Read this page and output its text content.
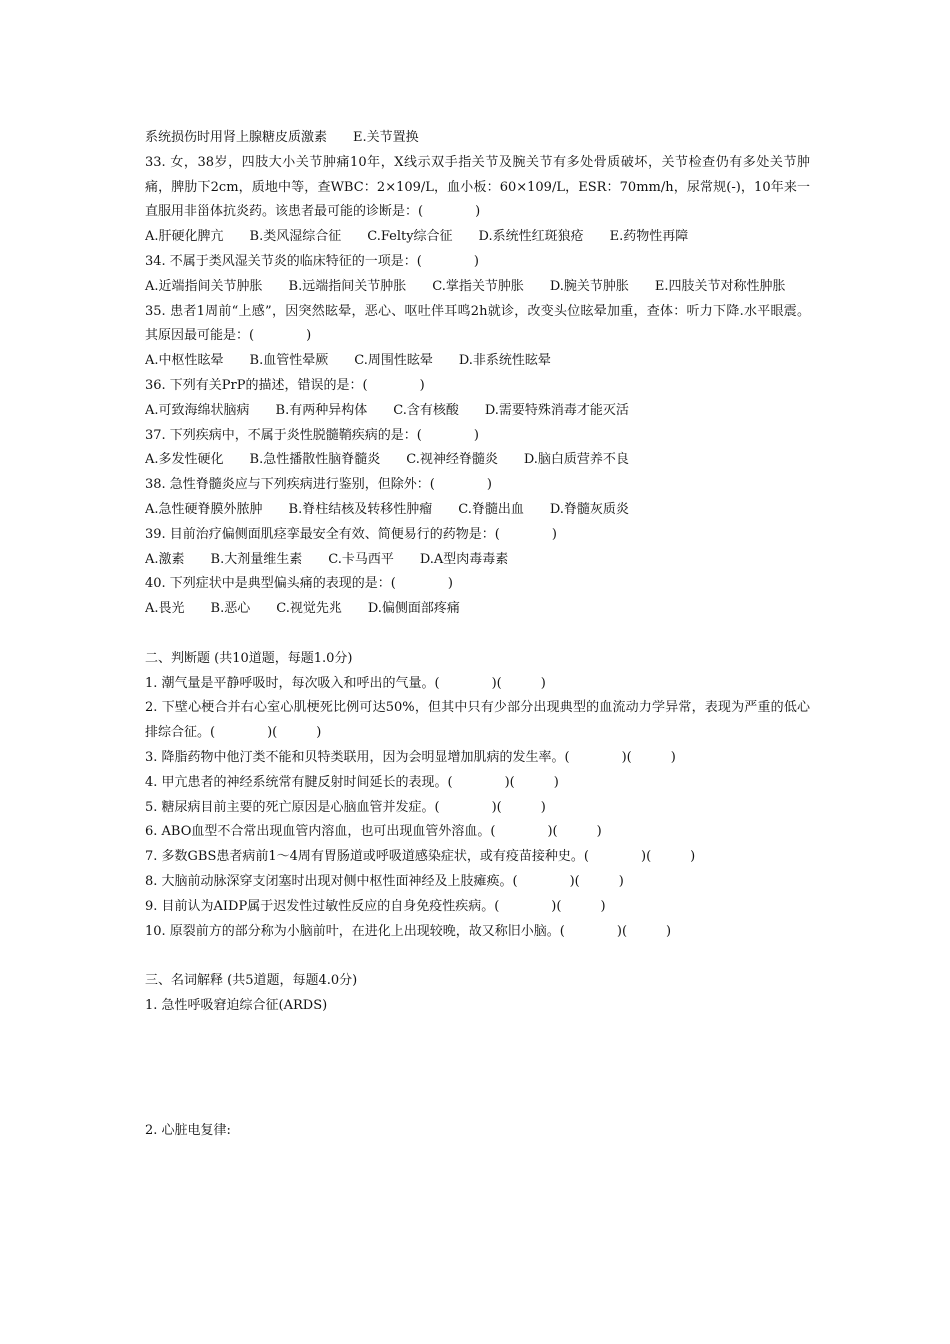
系统损伤时用肾上腺糖皮质激素　　E.关节置换
33. 女，38岁，四肢大小关节肿痛10年，X线示双手指关节及腕关节有多处骨质破坏，关节检查仍有多处关节肿痛，脾肋下2cm，质地中等，查WBC：2×109/L，血小板：60×109/L，ESR：70mm/h，尿常规(-)，10年来一直服用非甾体抗炎药。该患者最可能的诊断是：(　　　　)
A.肝硬化脾亢　　B.类风湿综合征　　C.Felty综合征　　D.系统性红斑狼疮　　E.药物性再障
34. 不属于类风湿关节炎的临床特征的一项是：(　　　　)
A.近端指间关节肿胀　　B.远端指间关节肿胀　　C.掌指关节肿胀　　D.腕关节肿胀　　E.四肢关节对称性肿胀
35. 患者1周前“上感”，因突然眩晕，恶心、呕吐伴耳鸣2h就诊，改变头位眩晕加重，查体：听力下降.水平眼震。其原因最可能是：(　　　　)
A.中枢性眩晕　　B.血管性晕厥　　C.周围性眩晕　　D.非系统性眩晕
36. 下列有关PrP的描述，错误的是：(　　　　)
A.可致海绵状脑病　　B.有两种异构体　　C.含有核酸　　D.需要特殊消毒才能灭活
37. 下列疾病中，不属于炎性脱髓鞘疾病的是：(　　　　)
A.多发性硬化　　B.急性播散性脑脊髓炎　　C.视神经脊髓炎　　D.脑白质营养不良
38. 急性脊髓炎应与下列疾病进行鉴别，但除外：(　　　　)
A.急性硬脊膜外脓肿　　B.脊柱结核及转移性肿瘤　　C.脊髓出血　　D.脊髓灰质炎
39. 目前治疗偏侧面肌痉挛最安全有效、简便易行的药物是：(　　　　)
A.激素　　B.大剂量维生素　　C.卡马西平　　D.A型肉毒毒素
40. 下列症状中是典型偏头痛的表现的是：(　　　　)
A.畏光　　B.恶心　　C.视觉先兆　　D.偏侧面部疼痛
二、判断题 (共10道题，每题1.0分)
1. 潮气量是平静呼吸时，每次吸入和呼出的气量。(　　　　)(　　　)
2. 下壁心梗合并右心室心肌梗死比例可达50%，但其中只有少部分出现典型的血流动力学异常，表现为严重的低心排综合征。(　　　　)(　　　)
3. 降脂药物中他汀类不能和贝特类联用，因为会明显增加肌病的发生率。(　　　　)(　　　)
4. 甲亢患者的神经系统常有腱反射时间延长的表现。(　　　　)(　　　)
5. 糖尿病目前主要的死亡原因是心脑血管并发症。(　　　　)(　　　)
6. ABO血型不合常出现血管内溶血，也可出现血管外溶血。(　　　　)(　　　)
7. 多数GBS患者病前1～4周有胃肠道或呼吸道感染症状，或有疫苗接种史。(　　　　)(　　　)
8. 大脑前动脉深穿支闭塞时出现对侧中枢性面神经及上肢瘫痪。(　　　　)(　　　)
9. 目前认为AIDP属于迟发性过敏性反应的自身免疫性疾病。(　　　　)(　　　)
10. 原裂前方的部分称为小脑前叶，在进化上出现较晚，故又称旧小脑。(　　　　)(　　　)
三、名词解释 (共5道题，每题4.0分)
1. 急性呼吸窘迫综合征(ARDS)
2. 心脏电复律:
